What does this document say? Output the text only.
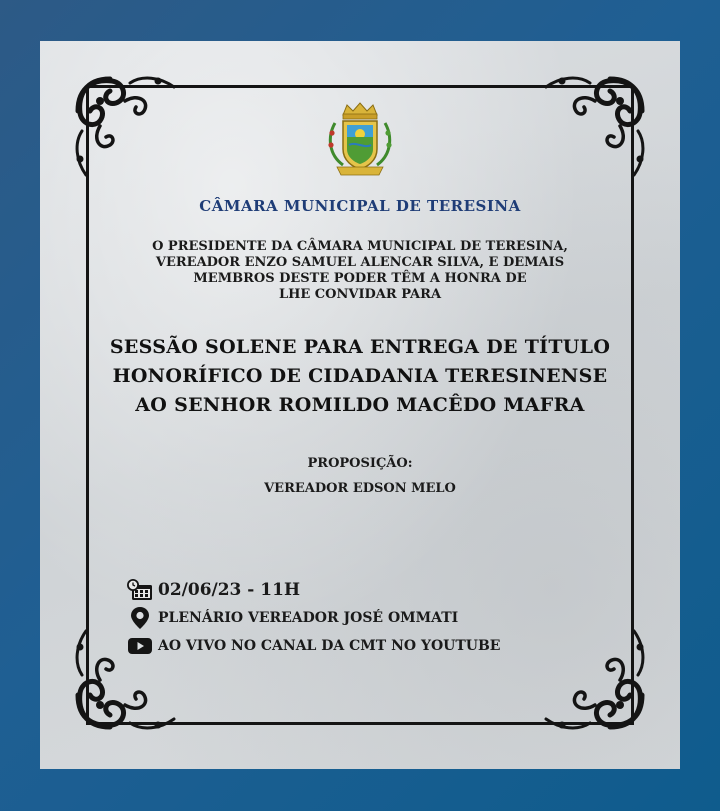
CÂMARA MUNICIPAL DE TERESINA
O PRESIDENTE DA CÂMARA MUNICIPAL DE TERESINA,
VEREADOR ENZO SAMUEL ALENCAR SILVA, E DEMAIS
MEMBROS DESTE PODER TÊM A HONRA DE
LHE CONVIDAR PARA
SESSÃO SOLENE PARA ENTREGA DE TÍTULO
HONORÍFICO DE CIDADANIA TERESINENSE
AO SENHOR ROMILDO MACÊDO MAFRA
PROPOSIÇÃO:
VEREADOR EDSON MELO
02/06/23 - 11H
PLENÁRIO VEREADOR JOSÉ OMMATI
AO VIVO NO CANAL DA CMT NO YOUTUBE
